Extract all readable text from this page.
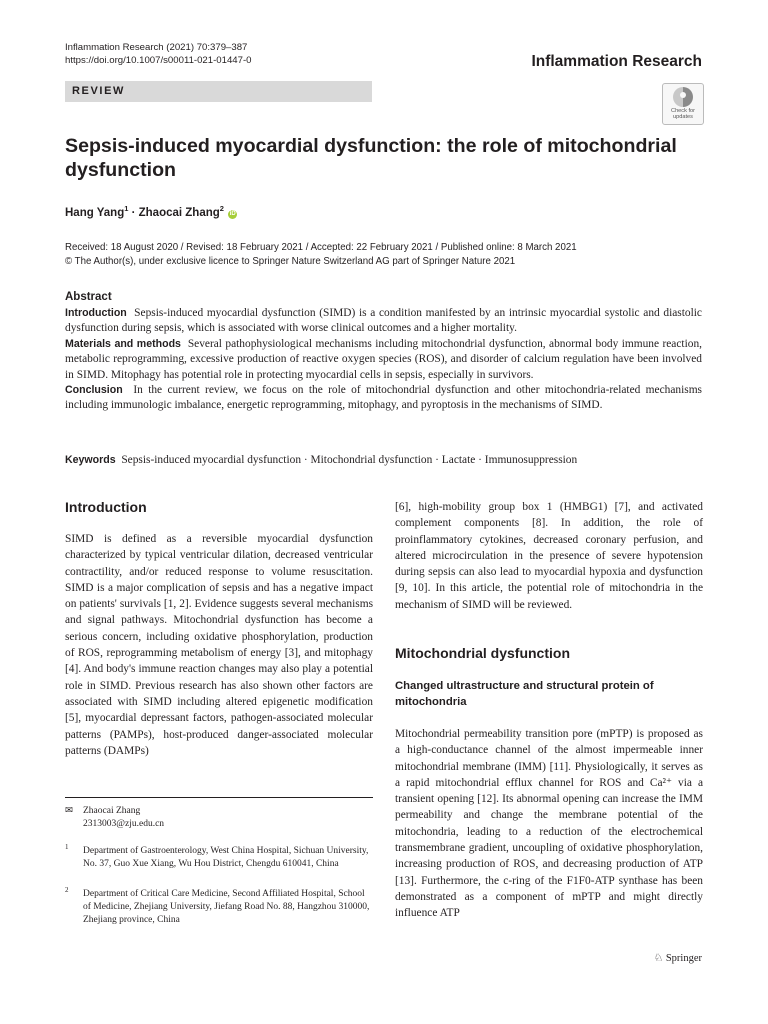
Inflammation Research (2021) 70:379–387
https://doi.org/10.1007/s00011-021-01447-0	Inflammation Research
REVIEW
Check for updates
Sepsis-induced myocardial dysfunction: the role of mitochondrial dysfunction
Hang Yang$^1$ · Zhaocai Zhang$^2$ iD
Received: 18 August 2020 / Revised: 18 February 2021 / Accepted: 22 February 2021 / Published online: 8 March 2021
© The Author(s), under exclusive licence to Springer Nature Switzerland AG part of Springer Nature 2021
Abstract

Introduction Sepsis-induced myocardial dysfunction (SIMD) is a condition manifested by an intrinsic myocardial systolic and diastolic dysfunction during sepsis, which is associated with worse clinical outcomes and a higher mortality.

Materials and methods Several pathophysiological mechanisms including mitochondrial dysfunction, abnormal body immune reaction, metabolic reprogramming, excessive production of reactive oxygen species (ROS), and disorder of calcium regulation have been involved in SIMD. Mitophagy has potential role in protecting myocardial cells in sepsis, especially in survivors.

Conclusion In the current review, we focus on the role of mitochondrial dysfunction and other mitochondria-related mechanisms including immunologic imbalance, energetic reprogramming, mitophagy, and pyroptosis in the mechanisms of SIMD.

Keywords Sepsis-induced myocardial dysfunction · Mitochondrial dysfunction · Lactate · Immunosuppression
Introduction

SIMD is defined as a reversible myocardial dysfunction characterized by typical ventricular dilation, decreased ventricular contractility, and/or reduced response to volume resuscitation. SIMD is a major complication of sepsis and has a negative impact on patients' survivals [1, 2]. Evidence suggests several mechanisms and signal pathways. Mitochondrial dysfunction has become a serious concern, including oxidative phosphorylation, production of ROS, reprogramming metabolism of energy [3], and mitophagy [4]. And body's immune reaction changes may also play a potential role in SIMD. Previous research has also shown other factors are associated with SIMD including altered epigenetic modification [5], myocardial depressant factors, pathogen-associated molecular patterns (PAMPs), host-produced danger-associated molecular patterns (DAMPs)

✉ Zhaocai Zhang
2313003@zju.edu.cn
1 Department of Gastroenterology, West China Hospital, Sichuan University, No. 37, Guo Xue Xiang, Wu Hou District, Chengdu 610041, China
2 Department of Critical Care Medicine, Second Affiliated Hospital, School of Medicine, Zhejiang University, Jiefang Road No. 88, Hangzhou 310000, Zhejiang province, China

[6], high-mobility group box 1 (HMBG1) [7], and activated complement components [8]. In addition, the role of proinflammatory cytokines, decreased coronary perfusion, and altered microcirculation in the presence of severe hypotension during sepsis can also lead to myocardial hypoxia and dysfunction [9, 10]. In this article, the potential role of mitochondria in the mechanism of SIMD will be reviewed.

Mitochondrial dysfunction
Changed ultrastructure and structural protein of mitochondria

Mitochondrial permeability transition pore (mPTP) is proposed as a high-conductance channel of the almost impermeable inner mitochondrial membrane (IMM) [11]. Physiologically, it serves as a rapid mitochondrial efflux channel for ROS and Ca²⁺ via a transient opening [12]. Its abnormal opening can increase the IMM permeability and change the membrane potential of the mitochondria, leading to a reduction of the electrochemical transmembrane gradient, uncoupling of oxidative phosphorylation, increasing production of ROS, and decreasing production of ATP [13]. Furthermore, the c-ring of the F1F0-ATP synthase has been demonstrated as a component of mPTP and might directly influence ATP

♘ Springer
